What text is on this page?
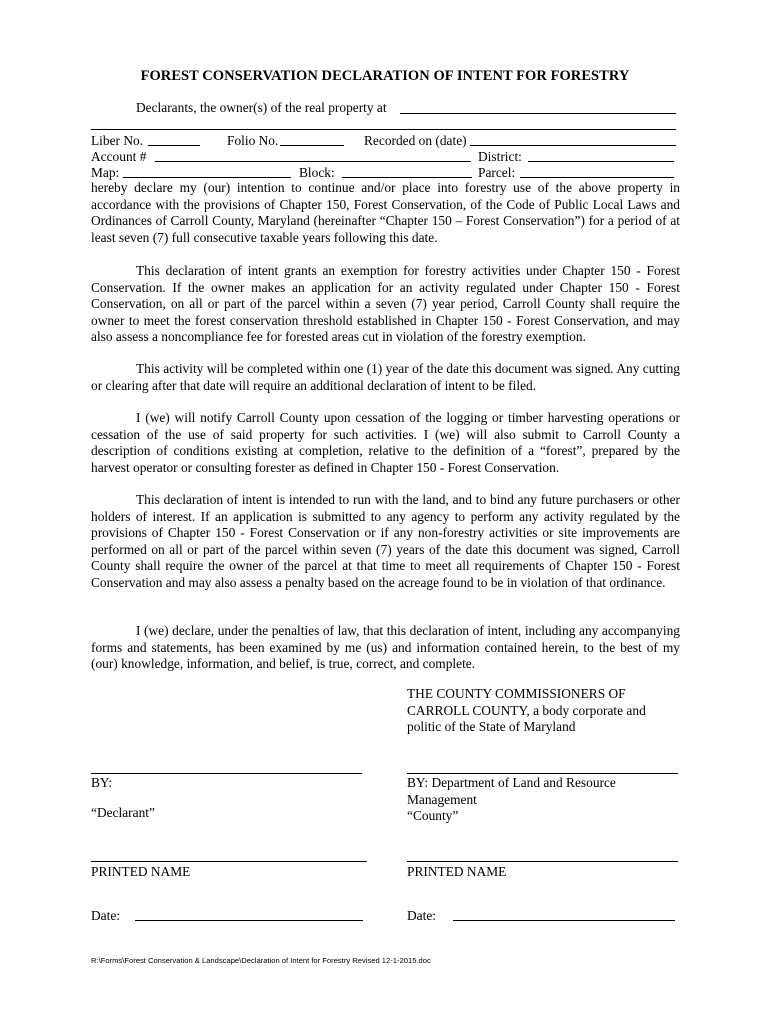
FOREST CONSERVATION DECLARATION OF INTENT FOR FORESTRY
Declarants, the owner(s) of the real property at
Liber No.	Folio No.	Recorded on (date)
Account #	District:
Map:	Block:	Parcel:

hereby declare my (our) intention to continue and/or place into forestry use of the above property in accordance with the provisions of Chapter 150, Forest Conservation, of the Code of Public Local Laws and Ordinances of Carroll County, Maryland (hereinafter “Chapter 150 – Forest Conservation”) for a period of at least seven (7) full consecutive taxable years following this date.

This declaration of intent grants an exemption for forestry activities under Chapter 150 - Forest Conservation. If the owner makes an application for an activity regulated under Chapter 150 - Forest Conservation, on all or part of the parcel within a seven (7) year period, Carroll County shall require the owner to meet the forest conservation threshold established in Chapter 150 - Forest Conservation, and may also assess a noncompliance fee for forested areas cut in violation of the forestry exemption.

This activity will be completed within one (1) year of the date this document was signed. Any cutting or clearing after that date will require an additional declaration of intent to be filed.

I (we) will notify Carroll County upon cessation of the logging or timber harvesting operations or cessation of the use of said property for such activities. I (we) will also submit to Carroll County a description of conditions existing at completion, relative to the definition of a “forest”, prepared by the harvest operator or consulting forester as defined in Chapter 150 - Forest Conservation.

This declaration of intent is intended to run with the land, and to bind any future purchasers or other holders of interest. If an application is submitted to any agency to perform any activity regulated by the provisions of Chapter 150 - Forest Conservation or if any non-forestry activities or site improvements are performed on all or part of the parcel within seven (7) years of the date this document was signed, Carroll County shall require the owner of the parcel at that time to meet all requirements of Chapter 150 - Forest Conservation and may also assess a penalty based on the acreage found to be in violation of that ordinance.

I (we) declare, under the penalties of law, that this declaration of intent, including any accompanying forms and statements, has been examined by me (us) and information contained herein, to the best of my (our) knowledge, information, and belief, is true, correct, and complete.

THE COUNTY COMMISSIONERS OF
CARROLL COUNTY, a body corporate and
politic of the State of Maryland
BY:
“Declarant”
BY: Department of Land and Resource
Management
“County”
PRINTED NAME	PRINTED NAME
Date:	Date:
R:\Forms\Forest Conservation & Landscape\Declaration of Intent for Forestry Revised 12-1-2015.doc
